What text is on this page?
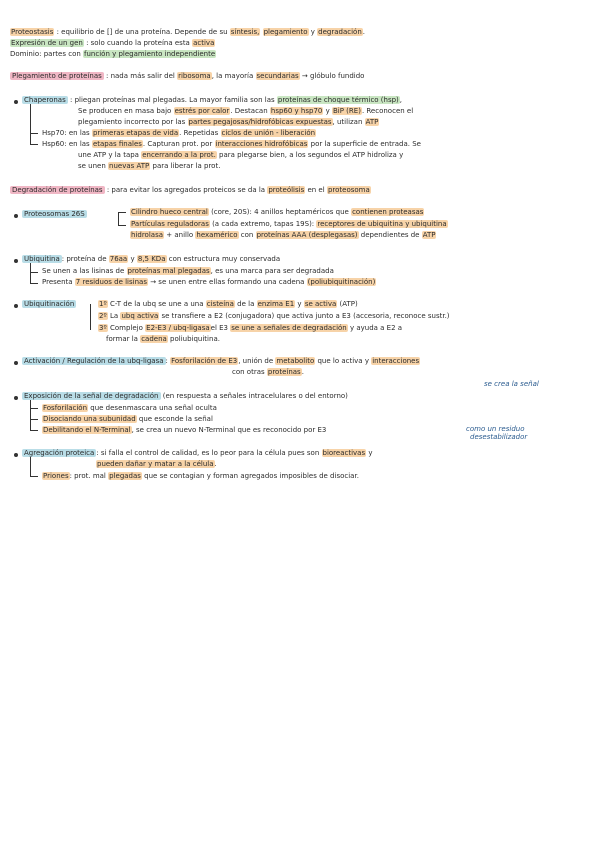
Proteostasis : equilibrio de [] de una proteína. Depende de su síntesis, plegamiento y degradación.
Expresión de un gen : solo cuando la proteína esta activa
Dominio: partes con función y plegamiento independiente
Plegamiento de proteínas : nada más salir del ribosoma, la mayoría secundarias → glóbulo fundido
Chaperonas : pliegan proteínas mal plegadas. La mayor familia son las proteínas de choque térmico (hsp),
Se producen en masa bajo estrés por calor. Destacan hsp60 y hsp70 y BiP (RE). Reconocen el
plegamiento incorrecto por las partes pegajosas/hidrofóbicas expuestas, utilizan ATP
Hsp70: en las primeras etapas de vida. Repetidas ciclos de unión - liberación
Hsp60: en las etapas finales. Capturan prot. por interacciones hidrofóbicas por la superficie de entrada. Se
une ATP y la tapa encerrando a la prot. para plegarse bien, a los segundos el ATP hidroliza y
se unen nuevas ATP para liberar la prot.
Degradación de proteínas : para evitar los agregados proteicos se da la proteólisis en el proteosoma
Proteosomas 26S	Cilindro hueco central (core, 20S): 4 anillos heptaméricos que contienen proteasas
Partículas reguladoras (a cada extremo, tapas 19S): receptores de ubiquitina y ubiquitina
hidrolasa + anillo hexamérico con proteínas AAA (desplegasas) dependientes de ATP
Ubiquitina : proteína de 76aa y 8,5 KDa con estructura muy conservada
Se unen a las lisinas de proteínas mal plegadas, es una marca para ser degradada
Presenta 7 residuos de lisinas → se unen entre ellas formando una cadena (poliubiquitinación)
Ubiquitinación	1º C-T de la ubq se une a una cisteína de la enzima E1 y se activa (ATP)
2º La ubq activa se transfiere a E2 (conjugadora) que activa junto a E3 (accesoria, reconoce sustr.)
3º Complejo E2-E3 / ubq-ligasael E3 se une a señales de degradación y ayuda a E2 a
formar la cadena poliubiquitina.
Activación / Regulación de la ubq-ligasa : Fosforilación de E3, unión de metabolito que lo activa y interacciones
con otras proteínas.
se crea la señal
Exposición de la señal de degradación (en respuesta a señales intracelulares o del entorno)
Fosforilación que desenmascara una señal oculta
Disociando una subunidad que esconde la señal
Debilitando el N-Terminal, se crea un nuevo N-Terminal que es reconocido por E3	como un residuo
desestabilizador
Agregación proteica : si falla el control de calidad, es lo peor para la célula pues son bioreactivas y
pueden dañar y matar a la célula.
Priones: prot. mal plegadas que se contagian y forman agregados imposibles de disociar.
